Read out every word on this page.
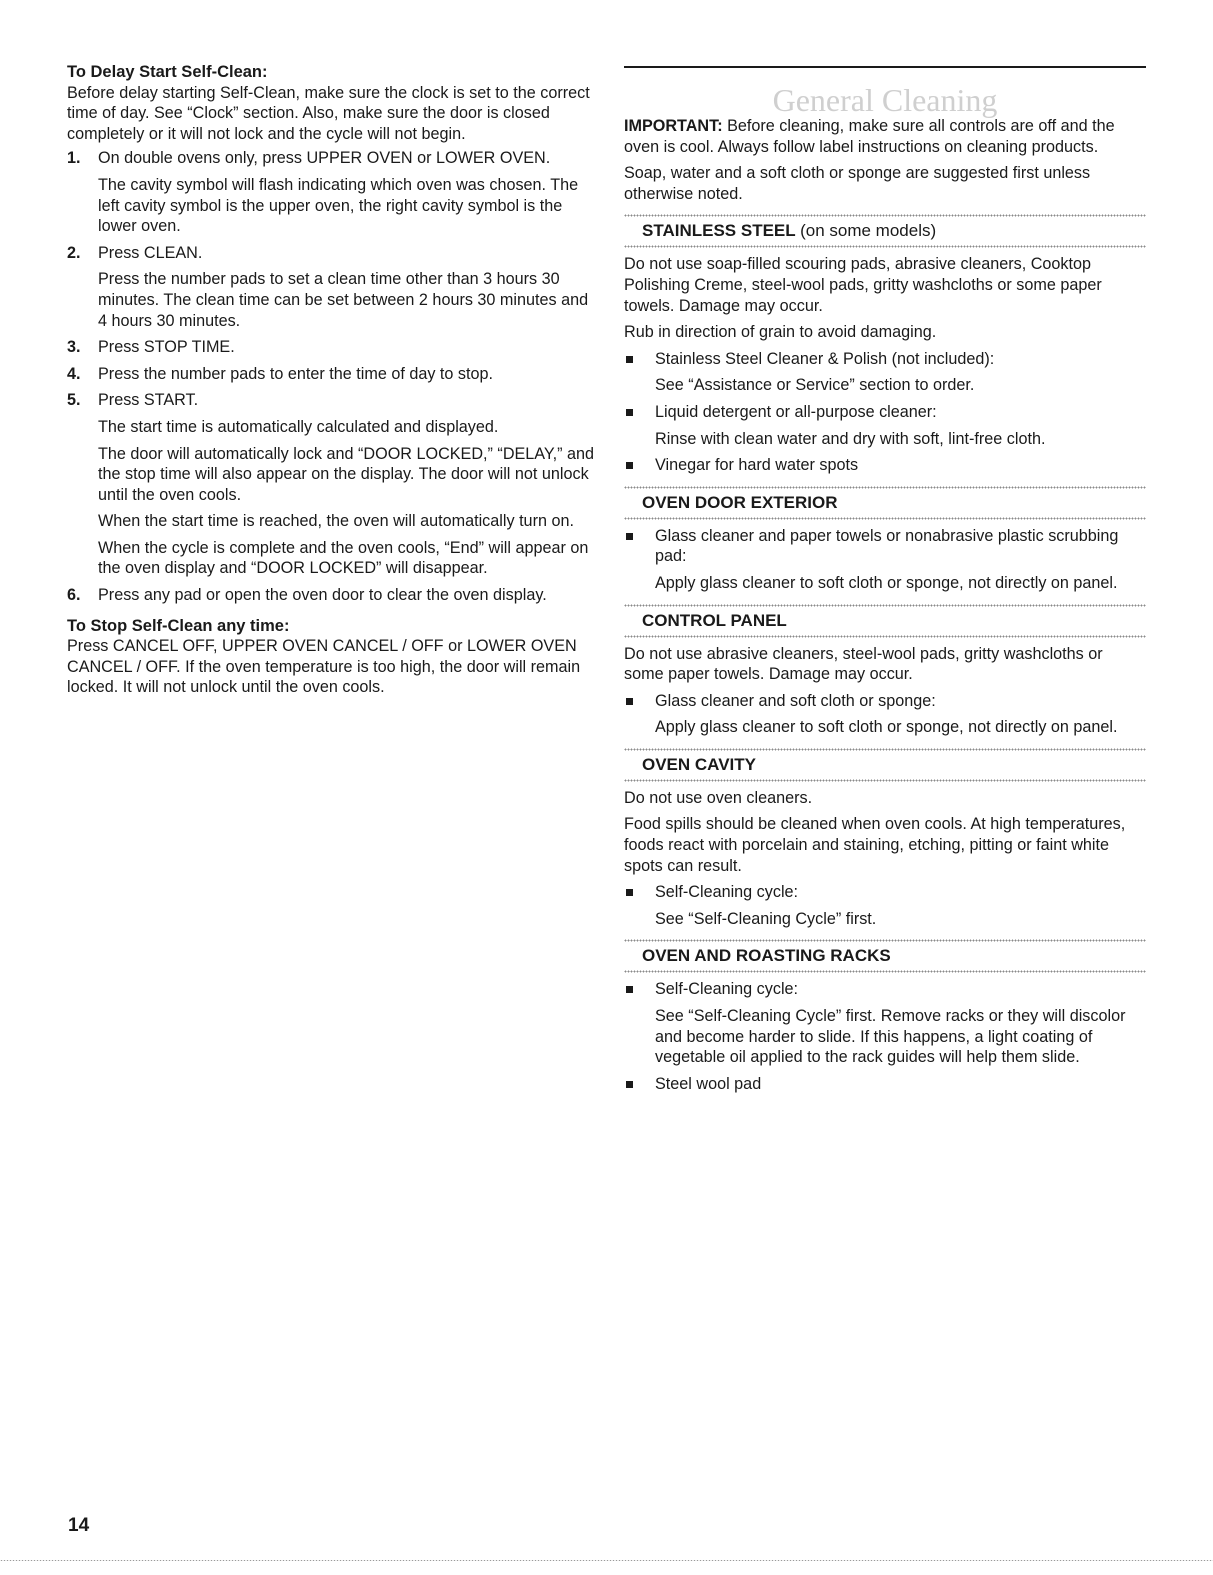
To Delay Start Self-Clean:

Before delay starting Self-Clean, make sure the clock is set to the correct time of day. See “Clock” section. Also, make sure the door is closed completely or it will not lock and the cycle will not begin.

1. On double ovens only, press UPPER OVEN or LOWER OVEN.

The cavity symbol will flash indicating which oven was chosen. The left cavity symbol is the upper oven, the right cavity symbol is the lower oven.

2. Press CLEAN.

Press the number pads to set a clean time other than 3 hours 30 minutes. The clean time can be set between 2 hours 30 minutes and 4 hours 30 minutes.

3. Press STOP TIME.

4. Press the number pads to enter the time of day to stop.

5. Press START.

The start time is automatically calculated and displayed.

The door will automatically lock and “DOOR LOCKED,” “DELAY,” and the stop time will also appear on the display. The door will not unlock until the oven cools.

When the start time is reached, the oven will automatically turn on.

When the cycle is complete and the oven cools, “End” will appear on the oven display and “DOOR LOCKED” will disappear.

6. Press any pad or open the oven door to clear the oven display.

To Stop Self-Clean any time:

Press CANCEL OFF, UPPER OVEN CANCEL / OFF or LOWER OVEN CANCEL / OFF. If the oven temperature is too high, the door will remain locked. It will not unlock until the oven cools.

General Cleaning

IMPORTANT: Before cleaning, make sure all controls are off and the oven is cool. Always follow label instructions on cleaning products.

Soap, water and a soft cloth or sponge are suggested first unless otherwise noted.

STAINLESS STEEL (on some models)

Do not use soap-filled scouring pads, abrasive cleaners, Cooktop Polishing Creme, steel-wool pads, gritty washcloths or some paper towels. Damage may occur.

Rub in direction of grain to avoid damaging.

Stainless Steel Cleaner & Polish (not included):

See “Assistance or Service” section to order.

Liquid detergent or all-purpose cleaner:

Rinse with clean water and dry with soft, lint-free cloth.

Vinegar for hard water spots

OVEN DOOR EXTERIOR

Glass cleaner and paper towels or nonabrasive plastic scrubbing pad:

Apply glass cleaner to soft cloth or sponge, not directly on panel.

CONTROL PANEL

Do not use abrasive cleaners, steel-wool pads, gritty washcloths or some paper towels. Damage may occur.

Glass cleaner and soft cloth or sponge:

Apply glass cleaner to soft cloth or sponge, not directly on panel.

OVEN CAVITY

Do not use oven cleaners.

Food spills should be cleaned when oven cools. At high temperatures, foods react with porcelain and staining, etching, pitting or faint white spots can result.

Self-Cleaning cycle:

See “Self-Cleaning Cycle” first.

OVEN AND ROASTING RACKS

Self-Cleaning cycle:

See “Self-Cleaning Cycle” first. Remove racks or they will discolor and become harder to slide. If this happens, a light coating of vegetable oil applied to the rack guides will help them slide.

Steel wool pad

14
